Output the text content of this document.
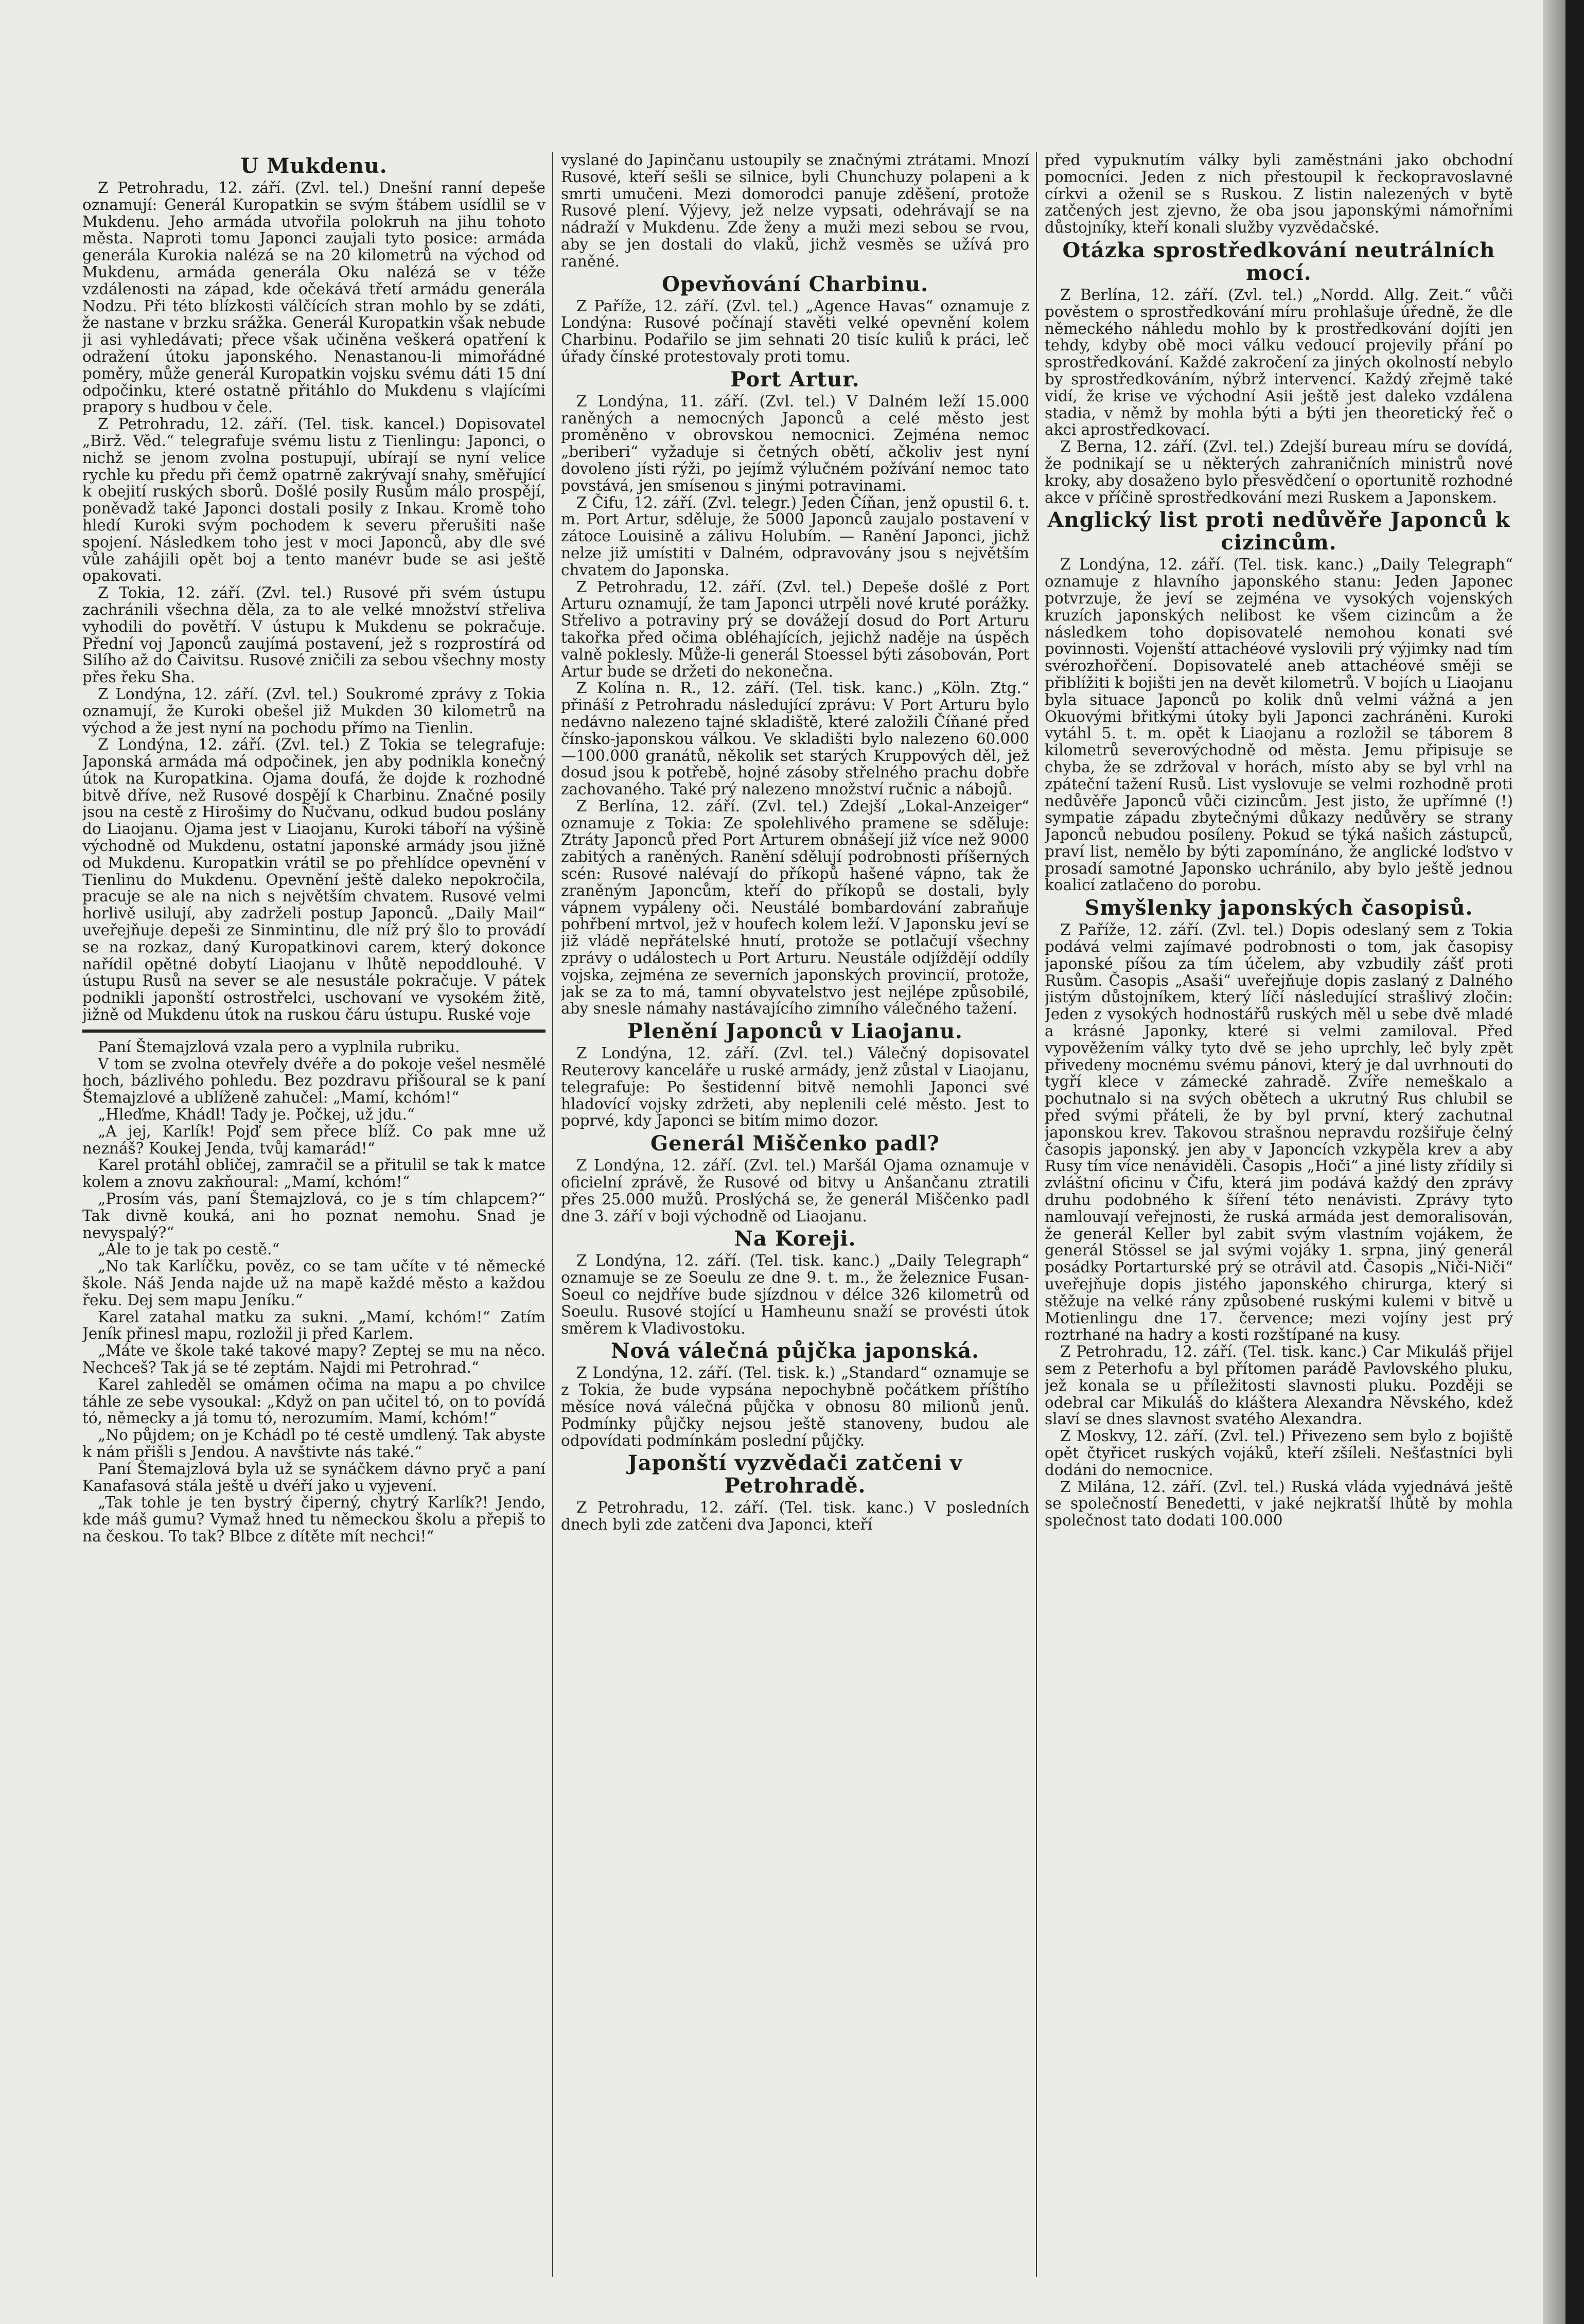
U Mukdenu.

Z Petrohradu, 12. září. (Zvl. tel.) Dnešní ranní depeše oznamují: Generál Kuropatkin se svým štábem usídlil se v Mukdenu. Jeho armáda utvořila polokruh na jihu tohoto města. Naproti tomu Japonci zaujali tyto posice: armáda generála Kurokia nalézá se na 20 kilometrů na východ od Mukdenu, armáda generála Oku nalézá se v téže vzdálenosti na západ, kde očekává třetí armádu generála Nodzu. Při této blízkosti válčících stran mohlo by se zdáti, že nastane v brzku srážka. Generál Kuropatkin však nebude ji asi vyhledávati; přece však učiněna veškerá opatření k odražení útoku japonského. Nenastanou-li mimořádné poměry, může generál Kuropatkin vojsku svému dáti 15 dní odpočinku, které ostatně přitáhlo do Mukdenu s vlajícími prapory s hudbou v čele.

Z Petrohradu, 12. září. (Tel. tisk. kancel.) Dopisovatel „Birž. Věd.“ telegrafuje svému listu z Tienlingu: Japonci, o nichž se jenom zvolna postupují, ubírají se nyní velice rychle ku předu při čemž opatrně zakrývají snahy, směřující k obejití ruských sborů. Došlé posily Rusům málo prospějí, poněvadž také Japonci dostali posily z Inkau. Kromě toho hledí Kuroki svým pochodem k severu přerušiti naše spojení. Následkem toho jest v moci Japonců, aby dle své vůle zahájili opět boj a tento manévr bude se asi ještě opakovati.

Z Tokia, 12. září. (Zvl. tel.) Rusové při svém ústupu zachránili všechna děla, za to ale velké množství střeliva vyhodili do povětří. V ústupu k Mukdenu se pokračuje. Přední voj Japonců zaujímá postavení, jež s rozprostírá od Silího až do Čaivitsu. Rusové zničili za sebou všechny mosty přes řeku Sha.

Z Londýna, 12. září. (Zvl. tel.) Soukromé zprávy z Tokia oznamují, že Kuroki obešel již Mukden 30 kilometrů na východ a že jest nyní na pochodu přímo na Tienlin.

Z Londýna, 12. září. (Zvl. tel.) Z Tokia se telegrafuje: Japonská armáda má odpočinek, jen aby podnikla konečný útok na Kuropatkina. Ojama doufá, že dojde k rozhodné bitvě dříve, než Rusové dospějí k Charbinu. Značné posily jsou na cestě z Hirošimy do Ňučvanu, odkud budou poslány do Liaojanu. Ojama jest v Liaojanu, Kuroki táboří na výšině východně od Mukdenu, ostatní japonské armády jsou jižně od Mukdenu. Kuropatkin vrátil se po přehlídce opevnění v Tienlinu do Mukdenu. Opevnění ještě daleko nepokročila, pracuje se ale na nich s největším chvatem. Rusové velmi horlivě usilují, aby zadrželi postup Japonců. „Daily Mail“ uveřejňuje depeši ze Sinmintinu, dle níž prý šlo to provádí se na rozkaz, daný Kuropatkinovi carem, který dokonce nařídil opětné dobytí Liaojanu v lhůtě nepoddlouhé. V ústupu Rusů na sever se ale nesustále pokračuje. V pátek podnikli japonští ostrostřelci, uschovaní ve vysokém žitě, jižně od Mukdenu útok na ruskou čáru ústupu. Ruské voje

Paní Štemajzlová vzala pero a vyplnila rubriku.

V tom se zvolna otevřely dvéře a do pokoje vešel nesmělé hoch, bázlivého pohledu. Bez pozdravu přišoural se k paní Štemajzlové a ublíženě zahučel: „Mamí, kchóm!“

„Hleďme, Khádl! Tady je. Počkej, už jdu.“

„A jej, Karlík! Pojď sem přece blíž. Co pak mne už neznáš? Koukej Jenda, tvůj kamarád!“

Karel protáhl obličej, zamračil se a přitulil se tak k matce kolem a znovu zakňoural: „Mamí, kchóm!“

„Prosím vás, paní Štemajzlová, co je s tím chlapcem?“ Tak divně kouká, ani ho poznat nemohu. Snad je nevyspalý?“

„Ale to je tak po cestě.“

„No tak Karlíčku, pověz, co se tam učíte v té německé škole. Náš Jenda najde už na mapě každé město a každou řeku. Dej sem mapu Jeníku.“

Karel zatahal matku za sukni. „Mamí, kchóm!“ Zatím Jeník přinesl mapu, rozložil ji před Karlem.

„Máte ve škole také takové mapy? Zeptej se mu na něco. Nechceš? Tak já se té zeptám. Najdi mi Petrohrad.“

Karel zahleděl se omámen očima na mapu a po chvilce táhle ze sebe vysoukal: „Když on pan učitel tó, on to povídá tó, německy a já tomu tó, nerozumím. Mamí, kchóm!“

„No půjdem; on je Kchádl po té cestě umdlený. Tak abyste k nám přišli s Jendou. A navštivte nás také.“

Paní Štemajzlová byla už se synáčkem dávno pryč a paní Kanafasová stála ještě u dvéří jako u vyjevení.

„Tak tohle je ten bystrý čiperný, chytrý Karlík?! Jendo, kde máš gumu? Vymaž hned tu německou školu a přepiš to na českou. To tak? Blbce z dítěte mít nechci!“

vyslané do Japinčanu ustoupily se značnými ztrátami. Mnozí Rusové, kteří sešli se silnice, byli Chunchuzy polapeni a k smrti umučeni. Mezi domorodci panuje zděšení, protože Rusové plení. Výjevy, jež nelze vypsati, odehrávají se na nádraží v Mukdenu. Zde ženy a muži mezi sebou se rvou, aby se jen dostali do vlaků, jichž vesměs se užívá pro raněné.

Opevňování Charbinu.

Z Paříže, 12. září. (Zvl. tel.) „Agence Havas“ oznamuje z Londýna: Rusové počínají stavěti velké opevnění kolem Charbinu. Podařilo se jim sehnati 20 tisíc kuliů k práci, leč úřady čínské protestovaly proti tomu.

Port Artur.

Z Londýna, 11. září. (Zvl. tel.) V Dalném leží 15.000 raněných a nemocných Japonců a celé město jest proměněno v obrovskou nemocnici. Zejména nemoc „beriberi“ vyžaduje si četných obětí, ačkoliv jest nyní dovoleno jísti rýži, po jejímž výlučném požívání nemoc tato povstává, jen smísenou s jinými potravinami.

Z Čifu, 12. září. (Zvl. telegr.) Jeden Číňan, jenž opustil 6. t. m. Port Artur, sděluje, že 5000 Japonců zaujalo postavení v zátoce Louisině a zálivu Holubím. — Ranění Japonci, jichž nelze již umístiti v Dalném, odpravovány jsou s největším chvatem do Japonska.

Z Petrohradu, 12. září. (Zvl. tel.) Depeše došlé z Port Arturu oznamují, že tam Japonci utrpěli nové kruté porážky. Střelivo a potraviny prý se dovážejí dosud do Port Arturu takořka před očima obléhajících, jejichž naděje na úspěch valně poklesly. Může-li generál Stoessel býti zásobován, Port Artur bude se držeti do nekonečna.

Z Kolína n. R., 12. září. (Tel. tisk. kanc.) „Köln. Ztg.“ přináší z Petrohradu následující zprávu: V Port Arturu bylo nedávno nalezeno tajné skladiště, které založili Číňané před čínsko-japonskou válkou. Ve skladišti bylo nalezeno 60.000—100.000 granátů, několik set starých Kruppových děl, jež dosud jsou k potřebě, hojné zásoby střelného prachu dobře zachovaného. Také prý nalezeno množství ručnic a nábojů.

Z Berlína, 12. září. (Zvl. tel.) Zdejší „Lokal-Anzeiger“ oznamuje z Tokia: Ze spolehlivého pramene se sděluje: Ztráty Japonců před Port Arturem obnášejí již více než 9000 zabitých a raněných. Ranění sdělují podrobnosti příšerných scén: Rusové nalévají do příkopů hašené vápno, tak že zraněným Japoncům, kteří do příkopů se dostali, byly vápnem vypáleny oči. Neustálé bombardování zabraňuje pohřbení mrtvol, jež v houfech kolem leží. V Japonsku jeví se již vládě nepřátelské hnutí, protože se potlačují všechny zprávy o událostech u Port Arturu. Neustále odjíždějí oddíly vojska, zejména ze severních japonských provincií, protože, jak se za to má, tamní obyvatelstvo jest nejlépe způsobilé, aby snesle námahy nastávajícího zimního válečného tažení.

Plenění Japonců v Liaojanu.

Z Londýna, 12. září. (Zvl. tel.) Válečný dopisovatel Reuterovy kanceláře u ruské armády, jenž zůstal v Liaojanu, telegrafuje: Po šestidenní bitvě nemohli Japonci své hladovící vojsky zdržeti, aby neplenili celé město. Jest to poprvé, kdy Japonci se bitím mimo dozor.

Generál Miščenko padl?

Z Londýna, 12. září. (Zvl. tel.) Maršál Ojama oznamuje v oficielní zprávě, že Rusové od bitvy u Anšančanu ztratili přes 25.000 mužů. Proslýchá se, že generál Miščenko padl dne 3. září v boji východně od Liaojanu.

Na Koreji.

Z Londýna, 12. září. (Tel. tisk. kanc.) „Daily Telegraph“ oznamuje se ze Soeulu ze dne 9. t. m., že železnice Fusan-Soeul co nejdříve bude sjízdnou v délce 326 kilometrů od Soeulu. Rusové stojící u Hamheunu snaží se provésti útok směrem k Vladivostoku.

Nová válečná půjčka japonská.

Z Londýna, 12. září. (Tel. tisk. k.) „Standard“ oznamuje se z Tokia, že bude vypsána nepochybně počátkem příštího měsíce nová válečná půjčka v obnosu 80 milionů jenů. Podmínky půjčky nejsou ještě stanoveny, budou ale odpovídati podmínkám poslední půjčky.

Japonští vyzvědači zatčeni v Petrohradě.

Z Petrohradu, 12. září. (Tel. tisk. kanc.) V posledních dnech byli zde zatčeni dva Japonci, kteří

před vypuknutím války byli zaměstnáni jako obchodní pomocníci. Jeden z nich přestoupil k řeckopravoslavné církvi a oženil se s Ruskou. Z listin nalezených v bytě zatčených jest zjevno, že oba jsou japonskými námořními důstojníky, kteří konali služby vyzvědačské.

Otázka sprostředkování neutrálních mocí.

Z Berlína, 12. září. (Zvl. tel.) „Nordd. Allg. Zeit.“ vůči pověstem o sprostředkování míru prohlašuje úředně, že dle německého náhledu mohlo by k prostředkování dojíti jen tehdy, kdyby obě moci válku vedoucí projevily přání po sprostředkování. Každé zakročení za jiných okolností nebylo by sprostředkováním, nýbrž intervencí. Každý zřejmě také vidí, že krise ve východní Asii ještě jest daleko vzdálena stadia, v němž by mohla býti a býti jen theoretický řeč o akci aprostředkovací.

Z Berna, 12. září. (Zvl. tel.) Zdejší bureau míru se dovídá, že podnikají se u některých zahraničních ministrů nové kroky, aby dosaženo bylo přesvědčení o oportunitě rozhodné akce v příčině sprostředkování mezi Ruskem a Japonskem.

Anglický list proti nedůvěře Japonců k cizincům.

Z Londýna, 12. září. (Tel. tisk. kanc.) „Daily Telegraph“ oznamuje z hlavního japonského stanu: Jeden Japonec potvrzuje, že jeví se zejména ve vysokých vojenských kruzích japonských nelibost ke všem cizincům a že následkem toho dopisovatelé nemohou konati své povinnosti. Vojenští attachéové vyslovili prý výjimky nad tím svérozhořčení. Dopisovatelé aneb attachéové směji se přiblížiti k bojišti jen na devět kilometrů. V bojích u Liaojanu byla situace Japonců po kolik dnů velmi vážná a jen Okuovými břitkými útoky byli Japonci zachráněni. Kuroki vytáhl 5. t. m. opět k Liaojanu a rozložil se táborem 8 kilometrů severovýchodně od města. Jemu připisuje se chyba, že se zdržoval v horách, místo aby se byl vrhl na zpáteční tažení Rusů. List vyslovuje se velmi rozhodně proti nedůvěře Japonců vůči cizincům. Jest jisto, že upřímné (!) sympatie západu zbytečnými důkazy nedůvěry se strany Japonců nebudou posíleny. Pokud se týká našich zástupců, praví list, nemělo by býti zapomínáno, že anglické loďstvo v prosadí samotné Japonsko uchránilo, aby bylo ještě jednou koalicí zatlačeno do porobu.

Smyšlenky japonských časopisů.

Z Paříže, 12. září. (Zvl. tel.) Dopis odeslaný sem z Tokia podává velmi zajímavé podrobnosti o tom, jak časopisy japonské píšou za tím účelem, aby vzbudily zášť proti Rusům. Časopis „Asaši“ uveřejňuje dopis zaslaný z Dalného jistým důstojníkem, který líčí následující strašlivý zločin: Jeden z vysokých hodnostářů ruských měl u sebe dvě mladé a krásné Japonky, které si velmi zamiloval. Před vypověžením války tyto dvě se jeho uprchly, leč byly zpět přivedeny mocnému svému pánovi, který je dal uvrhnouti do tygří klece v zámecké zahradě. Zvíře nemeškalo a pochutnalo si na svých obětech a ukrutný Rus chlubil se před svými přáteli, že by byl první, který zachutnal japonskou krev. Takovou strašnou nepravdu rozšiřuje čelný časopis japonský. jen aby v Japoncích vzkypěla krev a aby Rusy tím více nenáviděli. Časopis „Hoči“ a jiné listy zřídily si zvláštní oficinu v Čifu, která jim podává každý den zprávy druhu podobného k šíření této nenávisti. Zprávy tyto namlouvají veřejnosti, že ruská armáda jest demoralisován, že generál Keller byl zabit svým vlastním vojákem, že generál Stössel se jal svými vojáky 1. srpna, jiný generál posádky Portarturské prý se otrávil atd. Časopis „Niči-Niči“ uveřejňuje dopis jistého japonského chirurga, který si stěžuje na velké rány způsobené ruskými kulemi v bitvě u Motienlingu dne 17. července; mezi vojíny jest prý roztrhané na hadry a kosti rozštípané na kusy.

Z Petrohradu, 12. září. (Tel. tisk. kanc.) Car Mikuláš přijel sem z Peterhofu a byl přítomen parádě Pavlovského pluku, jež konala se u příležitosti slavnosti pluku. Později se odebral car Mikuláš do kláštera Alexandra Něvského, kdež slaví se dnes slavnost svatého Alexandra.

Z Moskvy, 12. září. (Zvl. tel.) Přivezeno sem bylo z bojiště opět čtyřicet ruských vojáků, kteří zšíleli. Nešťastníci byli dodáni do nemocnice.

Z Milána, 12. září. (Zvl. tel.) Ruská vláda vyjednává ještě se společností Benedetti, v jaké nejkratší lhůtě by mohla společnost tato dodati 100.000
